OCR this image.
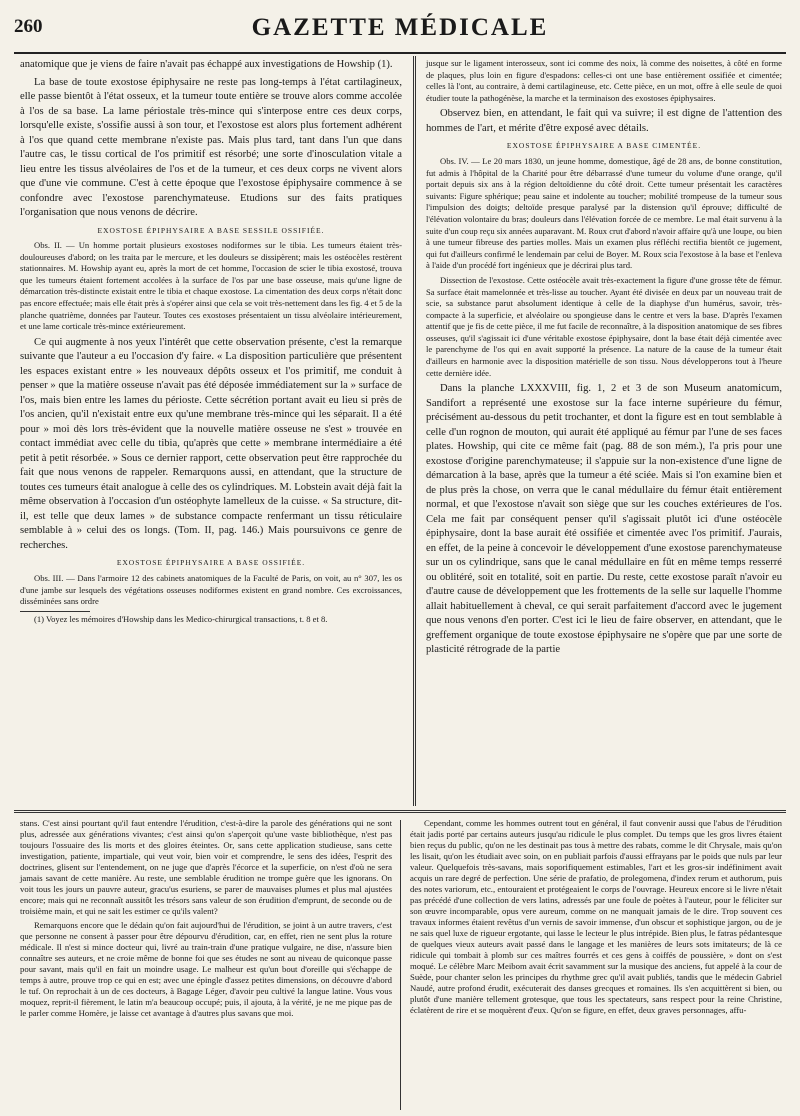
260	GAZETTE MÉDICALE

anatomique que je viens de faire n'avait pas échappé aux investigations de Howship (1).

La base de toute exostose épiphysaire ne reste pas long-temps à l'état cartilagineux, elle passe bientôt à l'état osseux, et la tumeur toute entière se trouve alors comme accolée à l'os de sa base. La lame périostale très-mince qui s'interpose entre ces deux corps, lorsqu'elle existe, s'ossifie aussi à son tour, et l'exostose est alors plus fortement adhérent à l'os que quand cette membrane n'existe pas. Mais plus tard, tant dans l'un que dans l'autre cas, le tissu cortical de l'os primitif est résorbé; une sorte d'inosculation vitale a lieu entre les tissus alvéolaires de l'os et de la tumeur, et ces deux corps ne vivent alors que d'une vie commune. C'est à cette époque que l'exostose épiphysaire commence à se confondre avec l'exostose parenchymateuse. Etudions sur des faits pratiques l'organisation que nous venons de décrire.

EXOSTOSE ÉPIPHYSAIRE A BASE SESSILE OSSIFIÉE.

Obs. II. — Un homme portait plusieurs exostoses nodiformes sur le tibia. Les tumeurs étaient très-douloureuses d'abord; on les traita par le mercure, et les douleurs se dissipèrent; mais les ostéocèles restèrent stationnaires. M. Howship ayant eu, après la mort de cet homme, l'occasion de scier le tibia exostosé, trouva que les tumeurs étaient fortement accolées à la surface de l'os par une base osseuse, mais qu'une ligne de démarcation très-distincte existait entre le tibia et chaque exostose. La cimentation des deux corps n'était donc pas encore effectuée; mais elle était près à s'opérer ainsi que cela se voit très-nettement dans les fig. 4 et 5 de la planche quatrième, données par l'auteur. Toutes ces exostoses présentaient un tissu alvéolaire intérieurement, et une lame corticale très-mince extérieurement.

Ce qui augmente à nos yeux l'intérêt que cette observation présente, c'est la remarque suivante que l'auteur a eu l'occasion d'y faire. « La disposition particulière que présentent les espaces existant entre » les nouveaux dépôts osseux et l'os primitif, me conduit à penser » que la matière osseuse n'avait pas été déposée immédiatement sur la » surface de l'os, mais bien entre les lames du périoste. Cette sécrétion portant avait eu lieu si près de l'os ancien, qu'il n'existait entre eux qu'une membrane très-mince qui les séparait. Il a été pour » moi dès lors très-évident que la nouvelle matière osseuse ne s'est » trouvée en contact immédiat avec celle du tibia, qu'après que cette » membrane intermédiaire a été petit à petit résorbée. » Sous ce dernier rapport, cette observation peut être rapprochée du fait que nous venons de rappeler. Remarquons aussi, en attendant, que la structure de toutes ces tumeurs était analogue à celle des os cylindriques. M. Lobstein avait déjà fait la même observation à l'occasion d'un ostéophyte lamelleux de la cuisse. « Sa structure, dit-il, est telle que deux lames » de substance compacte renfermant un tissu réticulaire semblable à » celui des os longs. (Tom. II, pag. 146.) Mais poursuivons ce genre de recherches.

EXOSTOSE ÉPIPHYSAIRE A BASE OSSIFIÉE.

Obs. III. — Dans l'armoire 12 des cabinets anatomiques de la Faculté de Paris, on voit, au n° 307, les os d'une jambe sur lesquels des végétations osseuses nodiformes existent en grand nombre. Ces excroissances, disséminées sans ordre

(1) Voyez les mémoires d'Howship dans les Medico-chirurgical transactions, t. 8 et 8.

jusque sur le ligament interosseux, sont ici comme des noix, là comme des noisettes, à côté en forme de plaques, plus loin en figure d'espadons: celles-ci ont une base entièrement ossifiée et cimentée; celles là l'ont, au contraire, à demi cartilagineuse, etc. Cette pièce, en un mot, offre à elle seule de quoi étudier toute la pathogénèse, la marche et la terminaison des exostoses épiphysaires.

Observez bien, en attendant, le fait qui va suivre; il est digne de l'attention des hommes de l'art, et mérite d'être exposé avec détails.

EXOSTOSE ÉPIPHYSAIRE A BASE CIMENTÉE.

Obs. IV. — Le 20 mars 1830, un jeune homme, domestique, âgé de 28 ans, de bonne constitution, fut admis à l'hôpital de la Charité pour être débarrassé d'une tumeur du volume d'une orange, qu'il portait depuis six ans à la région deltoïdienne du côté droit. Cette tumeur présentait les caractères suivants: Figure sphérique; peau saine et indolente au toucher; mobilité trompeuse de la tumeur sous l'impulsion des doigts; deltoïde presque paralysé par la distension qu'il éprouve; difficulté de l'élévation volontaire du bras; douleurs dans l'élévation forcée de ce membre. Le mal était survenu à la suite d'un coup reçu six années auparavant. M. Roux crut d'abord n'avoir affaire qu'à une loupe, ou bien à une tumeur fibreuse des parties molles. Mais un examen plus réfléchi rectifia bientôt ce jugement, qui fut d'ailleurs confirmé le lendemain par celui de Boyer. M. Roux scia l'exostose à la base et l'enleva à l'aide d'un procédé fort ingénieux que je décrirai plus tard.

Dissection de l'exostose. Cette ostéocèle avait très-exactement la figure d'une grosse tête de fémur. Sa surface était mamelonnée et très-lisse au toucher. Ayant été divisée en deux par un nouveau trait de scie, sa substance parut absolument identique à celle de la diaphyse d'un humérus, savoir, très-compacte à la superficie, et alvéolaire ou spongieuse dans le centre et vers la base. D'après l'examen attentif que je fis de cette pièce, il me fut facile de reconnaître, à la disposition anatomique de ses fibres osseuses, qu'il s'agissait ici d'une véritable exostose épiphysaire, dont la base était déjà cimentée avec le parenchyme de l'os qui en avait supporté la présence. La nature de la cause de la tumeur était d'ailleurs en harmonie avec la disposition matérielle de son tissu. Nous développerons tout à l'heure cette dernière idée.

Dans la planche LXXXVIII, fig. 1, 2 et 3 de son Museum anatomicum, Sandifort a représenté une exostose sur la face interne supérieure du fémur, précisément au-dessous du petit trochanter, et dont la figure est en tout semblable à celle d'un rognon de mouton, qui aurait été appliqué au fémur par l'une de ses faces plates. Howship, qui cite ce même fait (pag. 88 de son mém.), l'a pris pour une exostose d'origine parenchymateuse; il s'appuie sur la non-existence d'une ligne de démarcation à la base, après que la tumeur a été sciée. Mais si l'on examine bien et de plus près la chose, on verra que le canal médullaire du fémur était entièrement normal, et que l'exostose n'avait son siège que sur les couches extérieures de l'os. Cela me fait par conséquent penser qu'il s'agissait plutôt ici d'une ostéocèle épiphysaire, dont la base aurait été ossifiée et cimentée avec l'os primitif. J'aurais, en effet, de la peine à concevoir le développement d'une exostose parenchymateuse sur un os cylindrique, sans que le canal médullaire en fût en même temps resserré ou oblitéré, soit en totalité, soit en partie. Du reste, cette exostose paraît n'avoir eu d'autre cause de développement que les frottements de la selle sur laquelle l'homme allait habituellement à cheval, ce qui serait parfaitement d'accord avec le jugement que nous venons d'en porter. C'est ici le lieu de faire observer, en attendant, que le greffement organique de toute exostose épiphysaire ne s'opère que par une sorte de plasticité rétrograde de la partie

stans. C'est ainsi pourtant qu'il faut entendre l'érudition, c'est-à-dire la parole des générations qui ne sont plus, adressée aux générations vivantes; c'est ainsi qu'on s'aperçoit qu'une vaste bibliothèque, n'est pas toujours l'ossuaire des lis morts et des gloires éteintes. Or, sans cette application studieuse, sans cette investigation, patiente, impartiale, qui veut voir, bien voir et comprendre, le sens des idées, l'esprit des doctrines, glisent sur l'entendement, on ne juge que d'après l'écorce et la superficie, on n'est d'où ne sera jamais savant de cette manière. Au reste, une semblable érudition ne trompe guère que les ignorans. On voit tous les jours un pauvre auteur, gracu'us esuriens, se parer de mauvaises plumes et plus mal ajustées encore; mais qui ne reconnaît aussitôt les trésors sans valeur de son érudition d'emprunt, de seconde ou de troisième main, et qui ne sait les estimer ce qu'ils valent?

Remarquons encore que le dédain qu'on fait aujourd'hui de l'érudition, se joint à un autre travers, c'est que personne ne consent à passer pour être dépourvu d'érudition, car, en effet, rien ne sent plus la roture médicale. Il n'est si mince docteur qui, livré au train-train d'une pratique vulgaire, ne dise, n'assure bien connaître ses auteurs, et ne croie même de bonne foi que ses études ne sont au niveau de quiconque passe pour savant, mais qu'il en fait un moindre usage. Le malheur est qu'un bout d'oreille qui s'échappe de temps à autre, prouve trop ce qui en est; avec une épingle d'assez petites dimensions, on découvre d'abord le tuf. On reprochait à un de ces docteurs, à Bagage Léger, d'avoir peu cultivé la langue latine. Vous vous moquez, reprit-il fièrement, le latin m'a beaucoup occupé; puis, il ajouta, à la vérité, je ne me pique pas de le parler comme Homère, je laisse cet avantage à d'autres plus savans que moi.

Cependant, comme les hommes outrent tout en général, il faut convenir aussi que l'abus de l'érudition était jadis porté par certains auteurs jusqu'au ridicule le plus complet. Du temps que les gros livres étaient bien reçus du public, qu'on ne les destinait pas tous à mettre des rabats, comme le dit Chrysale, mais qu'on les lisait, qu'on les étudiait avec soin, on en publiait parfois d'aussi effrayans par le poids que nuls par leur valeur. Quelquefois très-savans, mais soporifiquement estimables, l'art et les gros-sir indéfiniment avait acquis un rare degré de perfection. Une série de prafatio, de prolegomena, d'index rerum et authorum, puis des notes variorum, etc., entouraient et protégeaient le corps de l'ouvrage. Heureux encore si le livre n'était pas précédé d'une collection de vers latins, adressés par une foule de poètes à l'auteur, pour le féliciter sur son œuvre incomparable, opus vere aureum, comme on ne manquait jamais de le dire. Trop souvent ces travaux informes étaient revêtus d'un vernis de savoir immense, d'un obscur et sophistique jargon, ou de je ne sais quel luxe de rigueur ergotante, qui lasse le lecteur le plus intrépide. Bien plus, le fatras pédantesque de quelques vieux auteurs avait passé dans le langage et les manières de leurs sots imitateurs; de là ce ridicule qui tombait à plomb sur ces maîtres fourrés et ces gens à coiffés de poussière, » dont on s'est moqué. Le célèbre Marc Meibom avait écrit savamment sur la musique des anciens, fut appelé à la cour de Suède, pour chanter selon les principes du rhythme grec qu'il avait publiés, tandis que le médecin Gabriel Naudé, autre profond érudit, exécuterait des danses grecques et romaines. Ils s'en acquittèrent si bien, ou plutôt d'une manière tellement grotesque, que tous les spectateurs, sans respect pour la reine Christine, éclatèrent de rire et se moquèrent d'eux. Qu'on se figure, en effet, deux graves personnages, affu-
